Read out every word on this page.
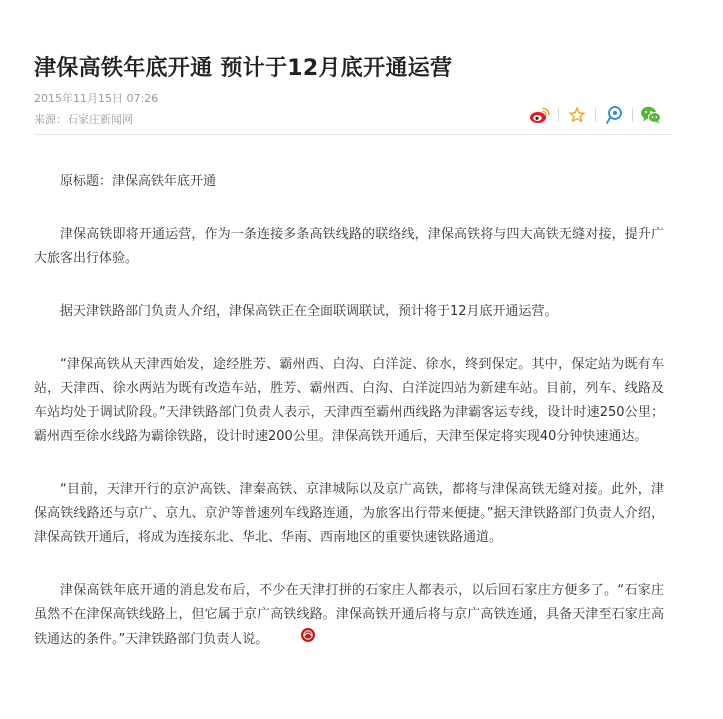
津保高铁年底开通 预计于12月底开通运营
2015年11月15日 07:26
来源：石家庄新闻网

原标题：津保高铁年底开通

津保高铁即将开通运营，作为一条连接多条高铁线路的联络线，津保高铁将与四大高铁无缝对接，提升广大旅客出行体验。

据天津铁路部门负责人介绍，津保高铁正在全面联调联试，预计将于12月底开通运营。

“津保高铁从天津西始发，途经胜芳、霸州西、白沟、白洋淀、徐水，终到保定。其中，保定站为既有车站，天津西、徐水两站为既有改造车站，胜芳、霸州西、白沟、白洋淀四站为新建车站。目前，列车、线路及车站均处于调试阶段。”天津铁路部门负责人表示，天津西至霸州西线路为津霸客运专线，设计时速250公里；霸州西至徐水线路为霸徐铁路，设计时速200公里。津保高铁开通后，天津至保定将实现40分钟快速通达。

“目前，天津开行的京沪高铁、津秦高铁、京津城际以及京广高铁，都将与津保高铁无缝对接。此外，津保高铁线路还与京广、京九、京沪等普速列车线路连通，为旅客出行带来便捷。”据天津铁路部门负责人介绍，津保高铁开通后，将成为连接东北、华北、华南、西南地区的重要快速铁路通道。

津保高铁年底开通的消息发布后，不少在天津打拼的石家庄人都表示，以后回石家庄方便多了。“石家庄虽然不在津保高铁线路上，但它属于京广高铁线路。津保高铁开通后将与京广高铁连通，具备天津至石家庄高铁通达的条件。”天津铁路部门负责人说。
